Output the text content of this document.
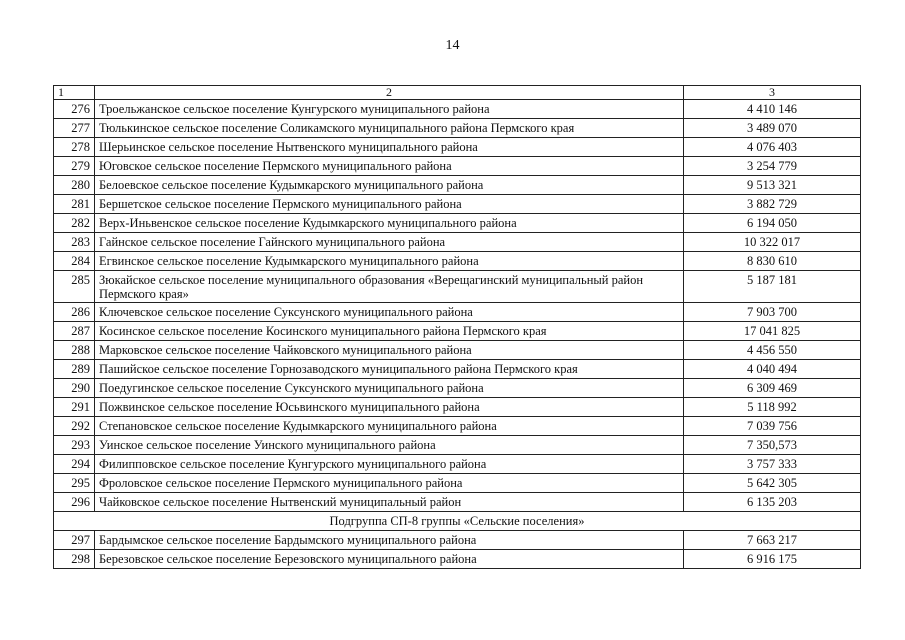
14
1	2	3
276	Троельжанское сельское поселение Кунгурского муниципального района	4 410 146
277	Тюлькинское сельское поселение Соликамского муниципального района Пермского края	3 489 070
278	Шерьинское сельское поселение Нытвенского муниципального района	4 076 403
279	Юговское сельское поселение Пермского муниципального района	3 254 779
280	Белоевское сельское поселение Кудымкарского муниципального района	9 513 321
281	Бершетское сельское поселение Пермского муниципального района	3 882 729
282	Верх-Иньвенское сельское поселение Кудымкарского муниципального района	6 194 050
283	Гайнское сельское поселение Гайнского муниципального района	10 322 017
284	Егвинское сельское поселение Кудымкарского муниципального района	8 830 610
285	Зюкайское сельское поселение муниципального образования «Верещагинский муниципальный район Пермского края»	5 187 181
286	Ключевское сельское поселение Суксунского муниципального района	7 903 700
287	Косинское сельское поселение Косинского муниципального района Пермского края	17 041 825
288	Марковское сельское поселение Чайковского муниципального района	4 456 550
289	Пашийское сельское поселение Горнозаводского муниципального района Пермского края	4 040 494
290	Поедугинское сельское поселение Суксунского муниципального района	6 309 469
291	Пожвинское сельское поселение Юсьвинского муниципального района	5 118 992
292	Степановское сельское поселение Кудымкарского муниципального района	7 039 756
293	Уинское сельское поселение Уинского муниципального района	7 350,573
294	Филипповское сельское поселение Кунгурского муниципального района	3 757 333
295	Фроловское сельское поселение Пермского муниципального района	5 642 305
296	Чайковское сельское поселение Нытвенский муниципальный район	6 135 203
Подгруппа СП-8 группы «Сельские поселения»		
297	Бардымское сельское поселение Бардымского муниципального района	7 663 217
298	Березовское сельское поселение Березовского муниципального района	6 916 175
